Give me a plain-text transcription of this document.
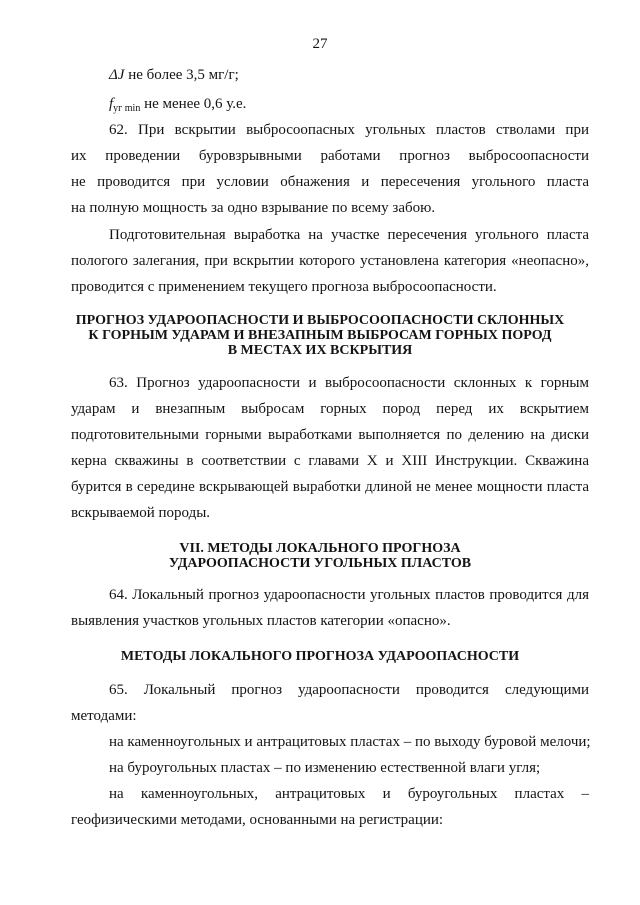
27
ΔJ не более 3,5 мг/г;
$f_{уг min}$ не менее 0,6 у.е.
62. При вскрытии выбросоопасных угольных пластов стволами при
их проведении буровзрывными работами прогноз выбросоопасности
не проводится при условии обнажения и пересечения угольного пласта
на полную мощность за одно взрывание по всему забою.
Подготовительная выработка на участке пересечения угольного пласта
пологого залегания, при вскрытии которого установлена категория «неопасно»,
проводится с применением текущего прогноза выбросоопасности.
ПРОГНОЗ УДАРООПАСНОСТИ И ВЫБРОСООПАСНОСТИ СКЛОННЫХ
К ГОРНЫМ УДАРАМ И ВНЕЗАПНЫМ ВЫБРОСАМ ГОРНЫХ ПОРОД
В МЕСТАХ ИХ ВСКРЫТИЯ
63. Прогноз удароопасности и выбросоопасности склонных к горным
ударам и внезапным выбросам горных пород перед их вскрытием
подготовительными горными выработками выполняется по делению на диски
керна скважины в соответствии с главами X и XIII Инструкции. Скважина
бурится в середине вскрывающей выработки длиной не менее мощности пласта
вскрываемой породы.
VII. МЕТОДЫ ЛОКАЛЬНОГО ПРОГНОЗА
УДАРООПАСНОСТИ УГОЛЬНЫХ ПЛАСТОВ
64. Локальный прогноз удароопасности угольных пластов проводится для
выявления участков угольных пластов категории «опасно».
МЕТОДЫ ЛОКАЛЬНОГО ПРОГНОЗА УДАРООПАСНОСТИ
65. Локальный прогноз удароопасности проводится следующими
методами:
на каменноугольных и антрацитовых пластах – по выходу буровой мелочи;
на буроугольных пластах – по изменению естественной влаги угля;
на каменноугольных, антрацитовых и буроугольных пластах –
геофизическими методами, основанными на регистрации:
